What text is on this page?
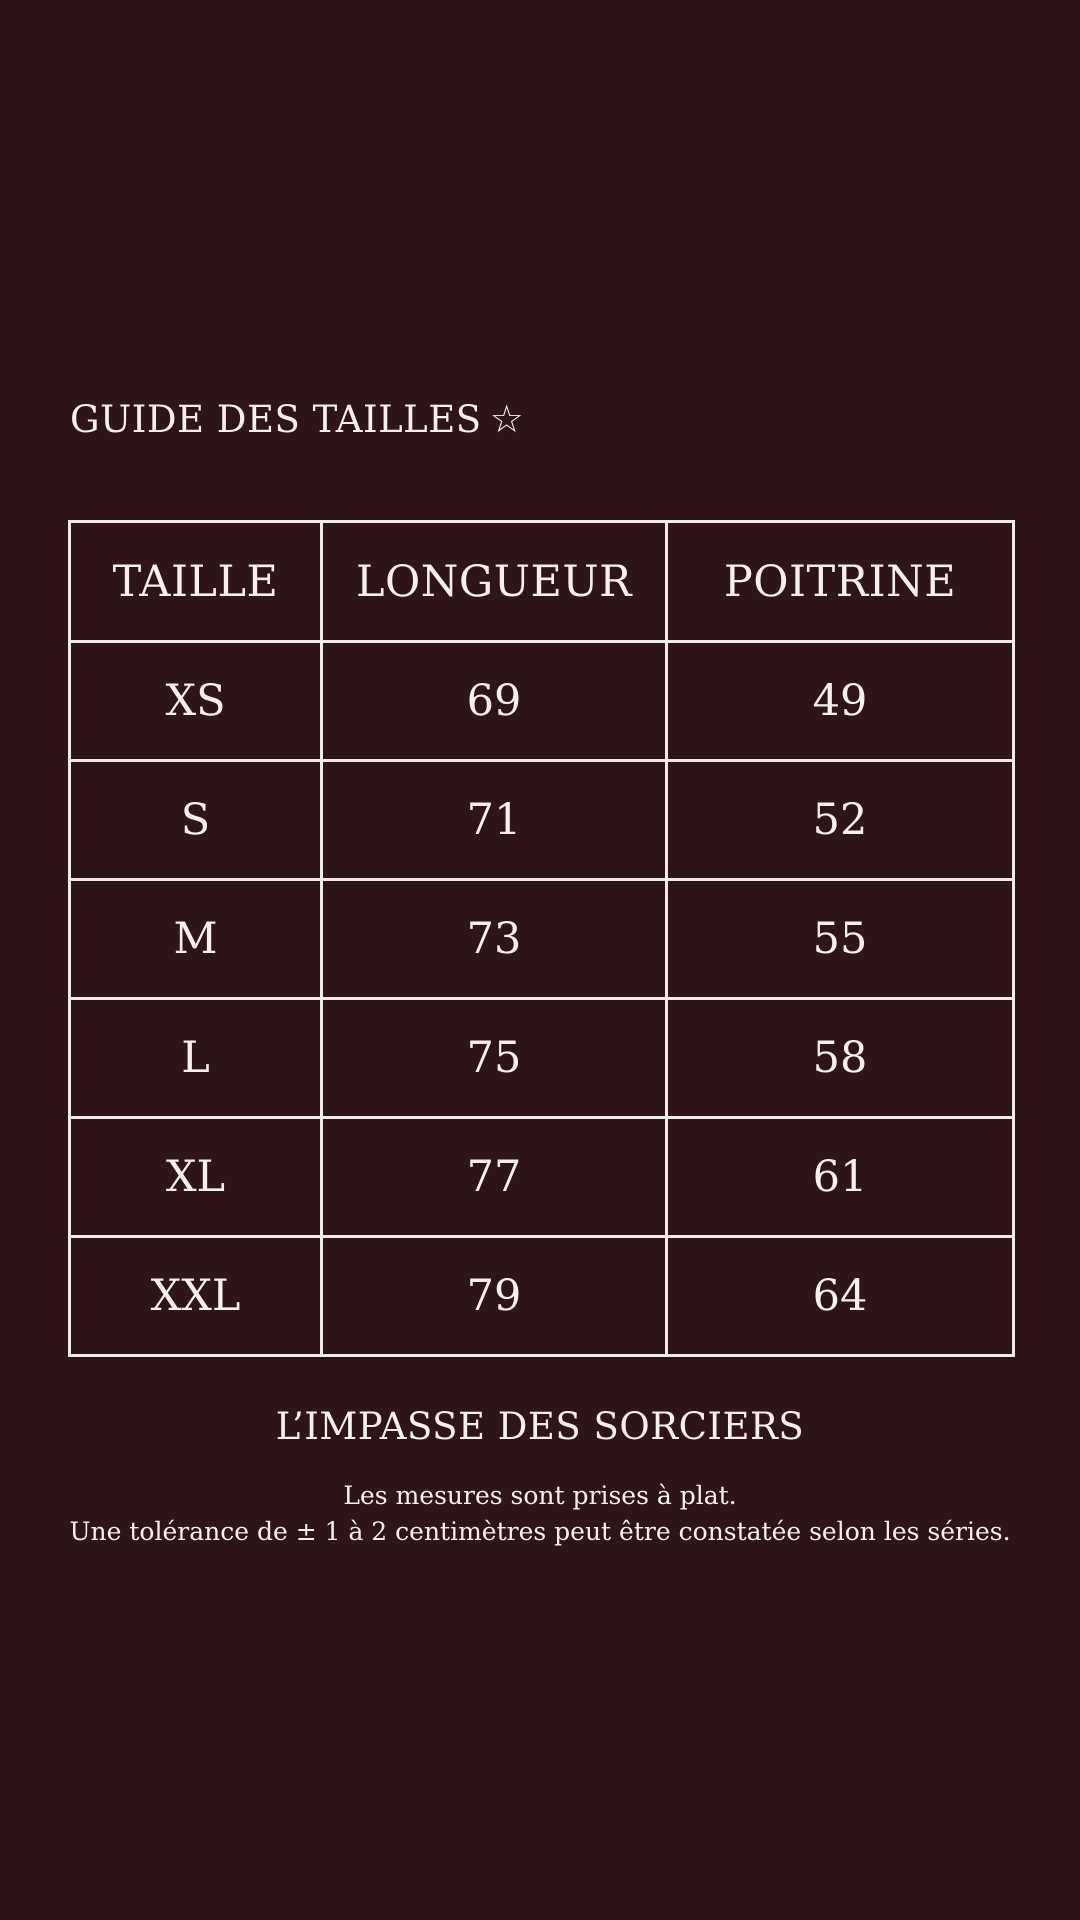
GUIDE DES TAILLES ☆
TAILLE	LONGUEUR	POITRINE
XS	69	49
S	71	52
M	73	55
L	75	58
XL	77	61
XXL	79	64
L’IMPASSE DES SORCIERS
Les mesures sont prises à plat.
Une tolérance de ± 1 à 2 centimètres peut être constatée selon les séries.
